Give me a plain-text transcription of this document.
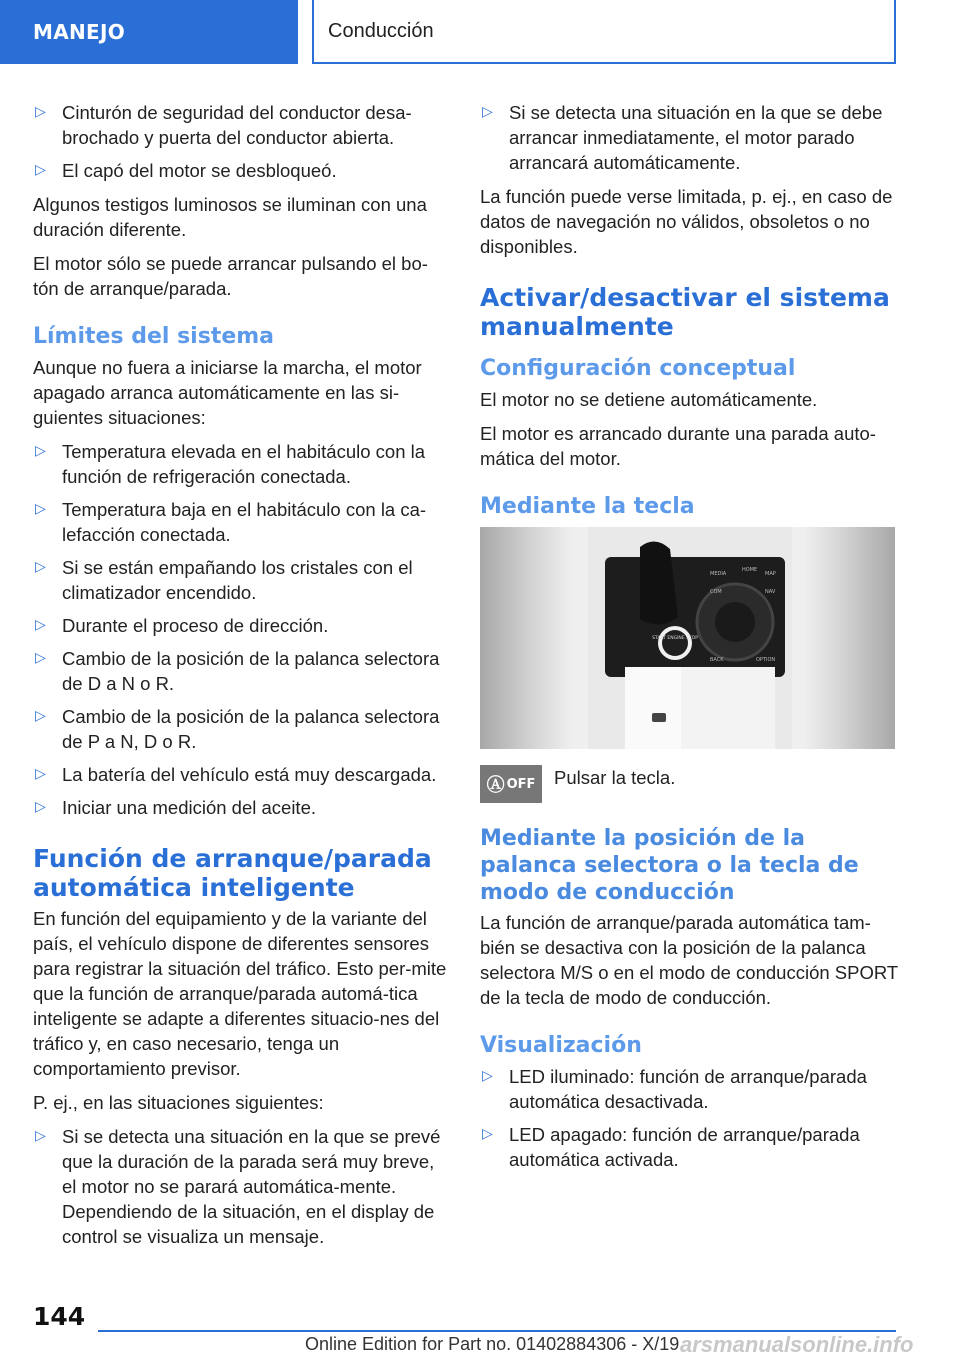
MANEJO	Conducción
▷ Cinturón de seguridad del conductor desa‐brochado y puerta del conductor abierta.
▷ El capó del motor se desbloqueó.

Algunos testigos luminosos se iluminan con una duración diferente.

El motor sólo se puede arrancar pulsando el bo‐tón de arranque/parada.

Límites del sistema

Aunque no fuera a iniciarse la marcha, el motor apagado arranca automáticamente en las si‐guientes situaciones:

▷ Temperatura elevada en el habitáculo con la función de refrigeración conectada.
▷ Temperatura baja en el habitáculo con la ca‐lefacción conectada.
▷ Si se están empañando los cristales con el climatizador encendido.
▷ Durante el proceso de dirección.
▷ Cambio de la posición de la palanca selectora de D a N o R.
▷ Cambio de la posición de la palanca selectora de P a N, D o R.
▷ La batería del vehículo está muy descargada.
▷ Iniciar una medición del aceite.
Función de arranque/parada automática inteligente

En función del equipamiento y de la variante del país, el vehículo dispone de diferentes sensores para registrar la situación del tráfico. Esto per‐mite que la función de arranque/parada automá‐tica inteligente se adapte a diferentes situacio‐nes del tráfico y, en caso necesario, tenga un comportamiento previsor.

P. ej., en las situaciones siguientes:

▷ Si se detecta una situación en la que se prevé que la duración de la parada será muy breve, el motor no se parará automática‐mente. Dependiendo de la situación, en el display de control se visualiza un mensaje.
▷ Si se detecta una situación en la que se debe arrancar inmediatamente, el motor parado arrancará automáticamente.

La función puede verse limitada, p. ej., en caso de datos de navegación no válidos, obsoletos o no disponibles.

Activar/desactivar el sistema manualmente
Configuración conceptual

El motor no se detiene automáticamente.

El motor es arrancado durante una parada auto‐mática del motor.

Mediante la tecla
START ENGINE STOP
MEDIA
HOME
MAP
COM	NAV
BACK	OPTION
Ⓐ OFF Pulsar la tecla.
Mediante la posición de la palanca selectora o la tecla de modo de conducción

La función de arranque/parada automática tam‐bién se desactiva con la posición de la palanca selectora M/S o en el modo de conducción SPORT de la tecla de modo de conducción.

Visualización
▷ LED iluminado: función de arranque/parada automática desactivada.
▷ LED apagado: función de arranque/parada automática activada.
144
Online Edition for Part no. 01402884306 - X/19 arsmanualsonline.info
